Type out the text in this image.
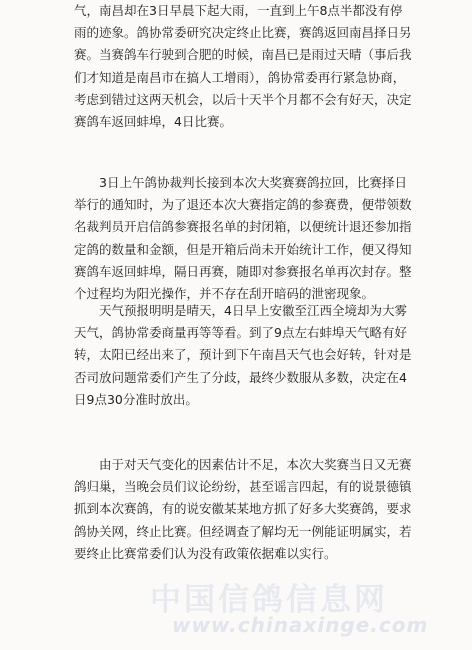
气，南昌却在3日早晨下起大雨，一直到上午8点半都没有停雨的迹象。鸽协常委研究决定终止比赛，赛鸽返回南昌择日另赛。当赛鸽车行驶到合肥的时候，南昌已是雨过天晴（事后我们才知道是南昌市在搞人工增雨），鸽协常委再行紧急协商，考虑到错过这两天机会，以后十天半个月都不会有好天，决定赛鸽车返回蚌埠，4日比赛。

3日上午鸽协裁判长接到本次大奖赛赛鸽拉回，比赛择日举行的通知时，为了退还本次大赛指定鸽的参赛费，便带领数名裁判员开启信鸽参赛报名单的封闭箱，以便统计退还参加指定鸽的数量和金额，但是开箱后尚未开始统计工作，便又得知赛鸽车返回蚌埠，隔日再赛，随即对参赛报名单再次封存。整个过程均为阳光操作，并不存在刮开暗码的泄密现象。

天气预报明明是晴天，4日早上安徽至江西全境却为大雾天气，鸽协常委商量再等等看。到了9点左右蚌埠天气略有好转，太阳已经出来了，预计到下午南昌天气也会好转，针对是否司放问题常委们产生了分歧，最终少数服从多数，决定在4日9点30分准时放出。

由于对天气变化的因素估计不足，本次大奖赛当日又无赛鸽归巢，当晚会员们议论纷纷，甚至谣言四起，有的说景德镇抓到本次赛鸽，有的说安徽某某地方抓了好多大奖赛鸽，要求鸽协关网，终止比赛。但经调查了解均无一例能证明属实，若要终止比赛常委们认为没有政策依据难以实行。

中国信鸽信息网
www.chinaxinge.com
